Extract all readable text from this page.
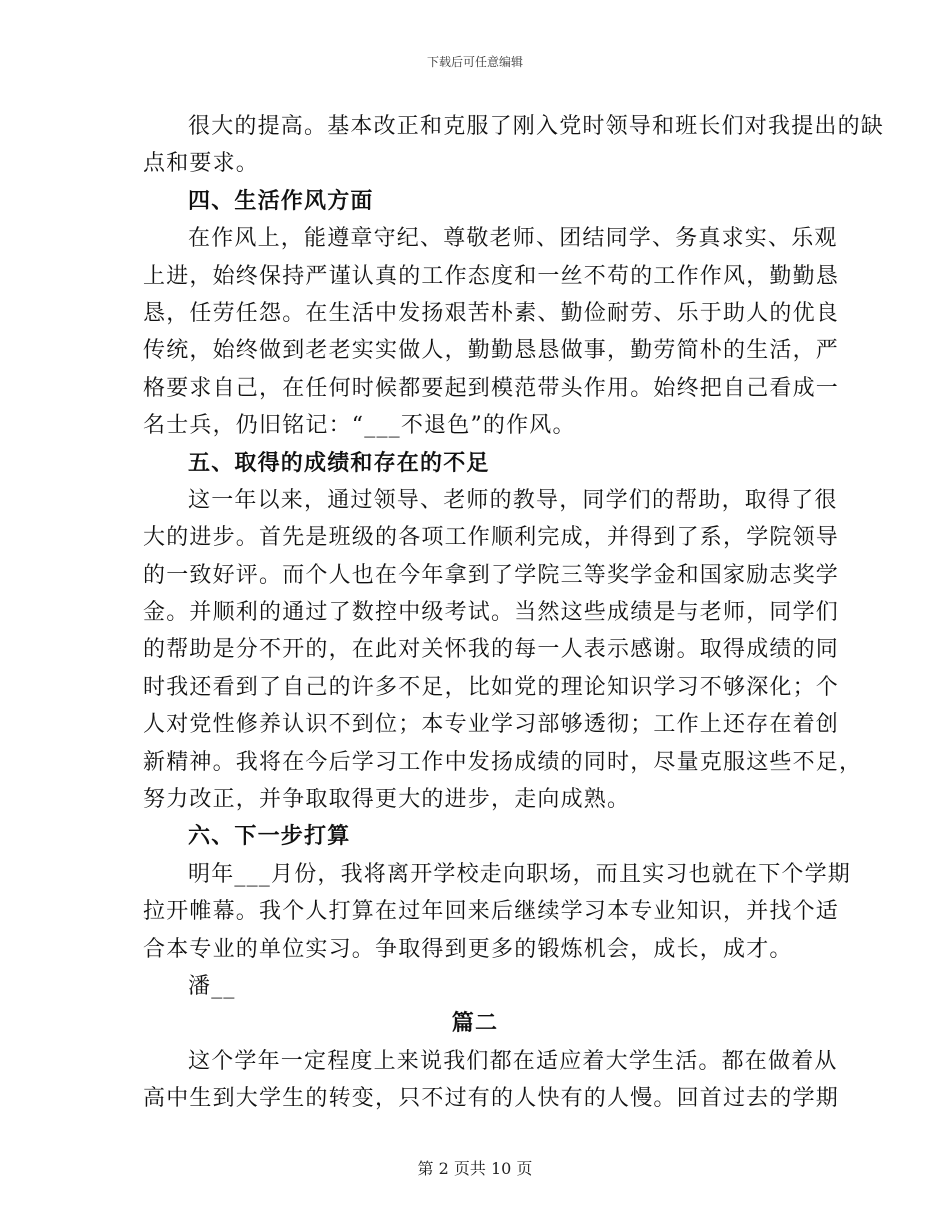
下载后可任意编辑
很大的提高。基本改正和克服了刚入党时领导和班长们对我提出的缺
点和要求。
四、生活作风方面
在作风上，能遵章守纪、尊敬老师、团结同学、务真求实、乐观
上进，始终保持严谨认真的工作态度和一丝不苟的工作作风，勤勤恳
恳，任劳任怨。在生活中发扬艰苦朴素、勤俭耐劳、乐于助人的优良
传统，始终做到老老实实做人，勤勤恳恳做事，勤劳简朴的生活，严
格要求自己，在任何时候都要起到模范带头作用。始终把自己看成一
名士兵，仍旧铭记：“___不退色”的作风。
五、取得的成绩和存在的不足
这一年以来，通过领导、老师的教导，同学们的帮助，取得了很
大的进步。首先是班级的各项工作顺利完成，并得到了系，学院领导
的一致好评。而个人也在今年拿到了学院三等奖学金和国家励志奖学
金。并顺利的通过了数控中级考试。当然这些成绩是与老师，同学们
的帮助是分不开的，在此对关怀我的每一人表示感谢。取得成绩的同
时我还看到了自己的许多不足，比如党的理论知识学习不够深化；个
人对党性修养认识不到位；本专业学习部够透彻；工作上还存在着创
新精神。我将在今后学习工作中发扬成绩的同时，尽量克服这些不足，
努力改正，并争取取得更大的进步，走向成熟。
六、下一步打算
明年___月份，我将离开学校走向职场，而且实习也就在下个学期
拉开帷幕。我个人打算在过年回来后继续学习本专业知识，并找个适
合本专业的单位实习。争取得到更多的锻炼机会，成长，成才。
潘__
篇二
这个学年一定程度上来说我们都在适应着大学生活。都在做着从
高中生到大学生的转变，只不过有的人快有的人慢。回首过去的学期
第 2 页共 10 页
